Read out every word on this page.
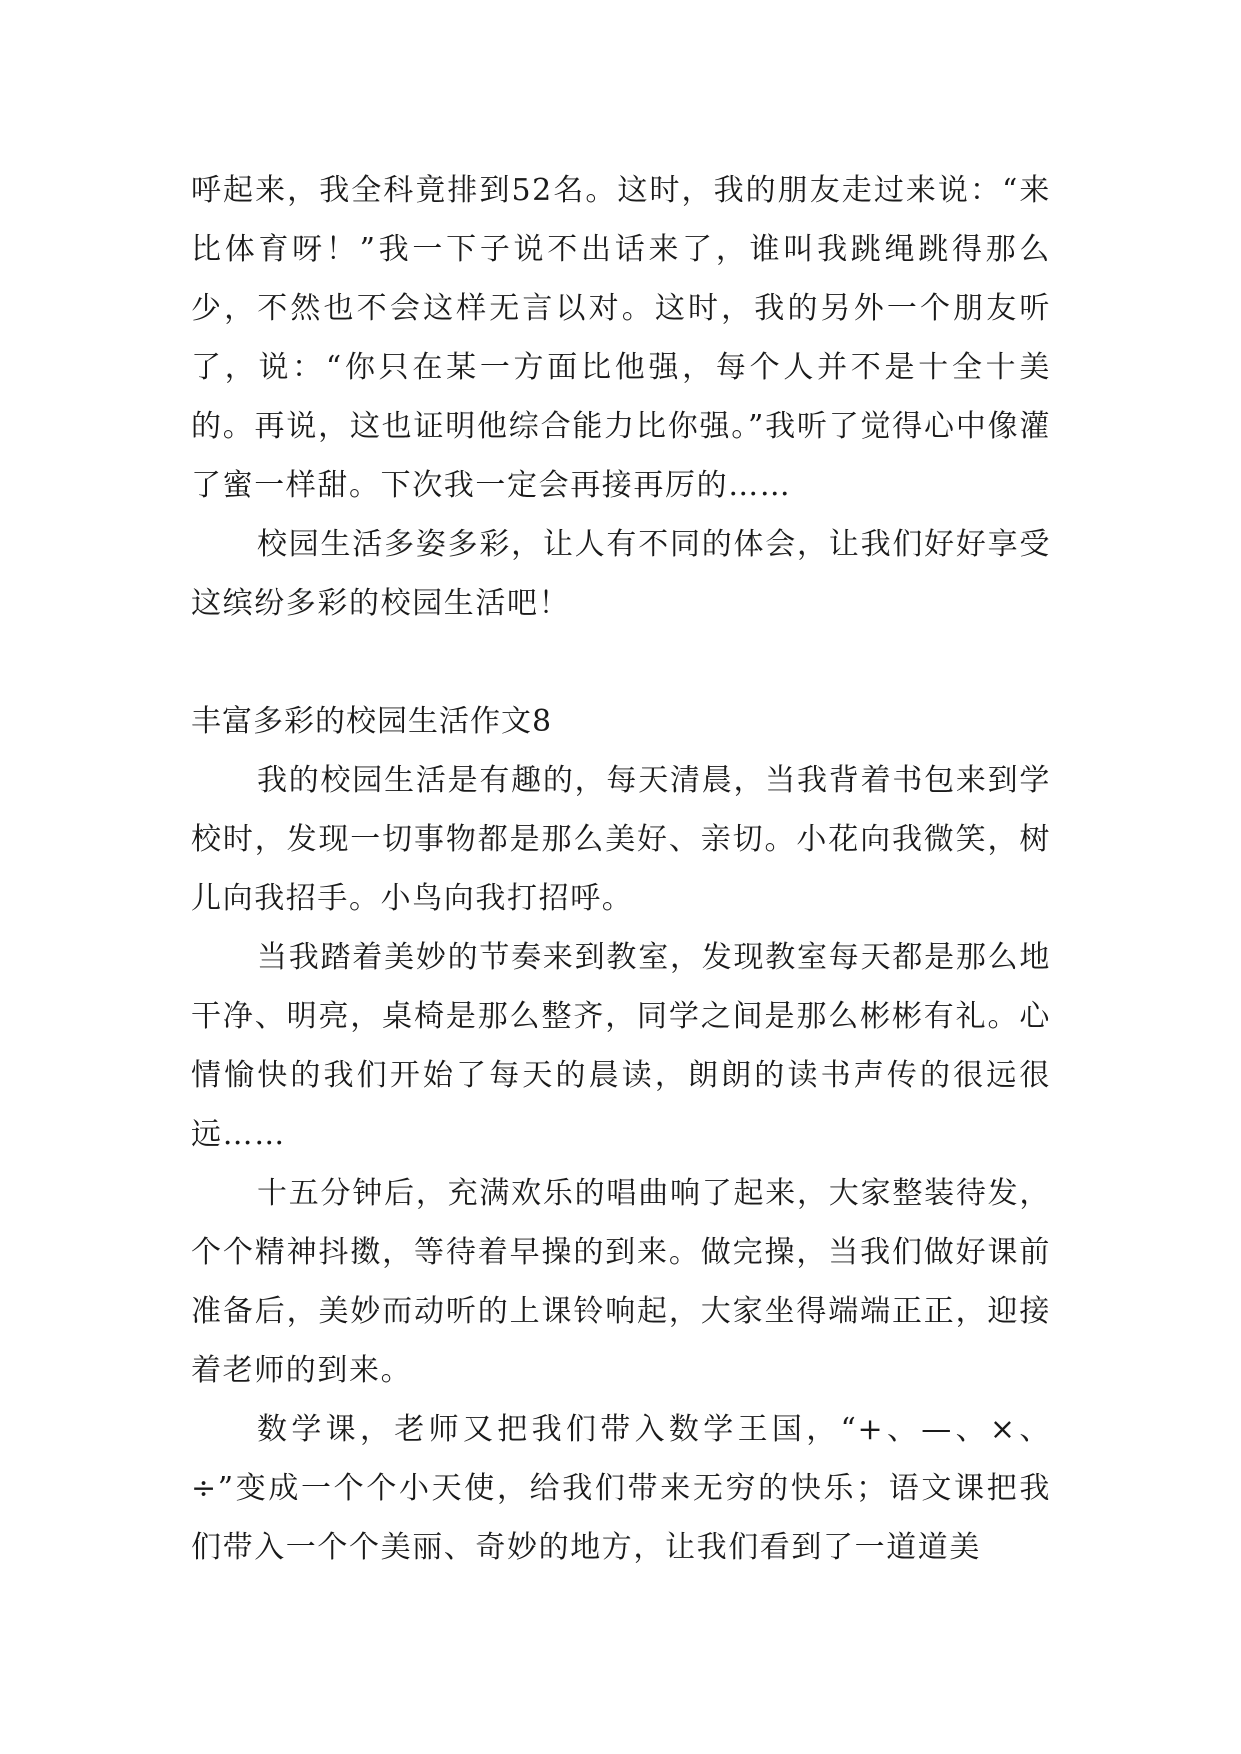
呼起来，我全科竟排到52名。这时，我的朋友走过来说：“来比体育呀！”我一下子说不出话来了，谁叫我跳绳跳得那么少，不然也不会这样无言以对。这时，我的另外一个朋友听了，说：“你只在某一方面比他强，每个人并不是十全十美的。再说，这也证明他综合能力比你强。”我听了觉得心中像灌了蜜一样甜。下次我一定会再接再厉的……

校园生活多姿多彩，让人有不同的体会，让我们好好享受这缤纷多彩的校园生活吧！

丰富多彩的校园生活作文8

我的校园生活是有趣的，每天清晨，当我背着书包来到学校时，发现一切事物都是那么美好、亲切。小花向我微笑，树儿向我招手。小鸟向我打招呼。

当我踏着美妙的节奏来到教室，发现教室每天都是那么地干净、明亮，桌椅是那么整齐，同学之间是那么彬彬有礼。心情愉快的我们开始了每天的晨读，朗朗的读书声传的很远很远……

十五分钟后，充满欢乐的唱曲响了起来，大家整装待发，个个精神抖擞，等待着早操的到来。做完操，当我们做好课前准备后，美妙而动听的上课铃响起，大家坐得端端正正，迎接着老师的到来。

数学课，老师又把我们带入数学王国，“+、—、×、÷”变成一个个小天使，给我们带来无穷的快乐；语文课把我们带入一个个美丽、奇妙的地方，让我们看到了一道道美
